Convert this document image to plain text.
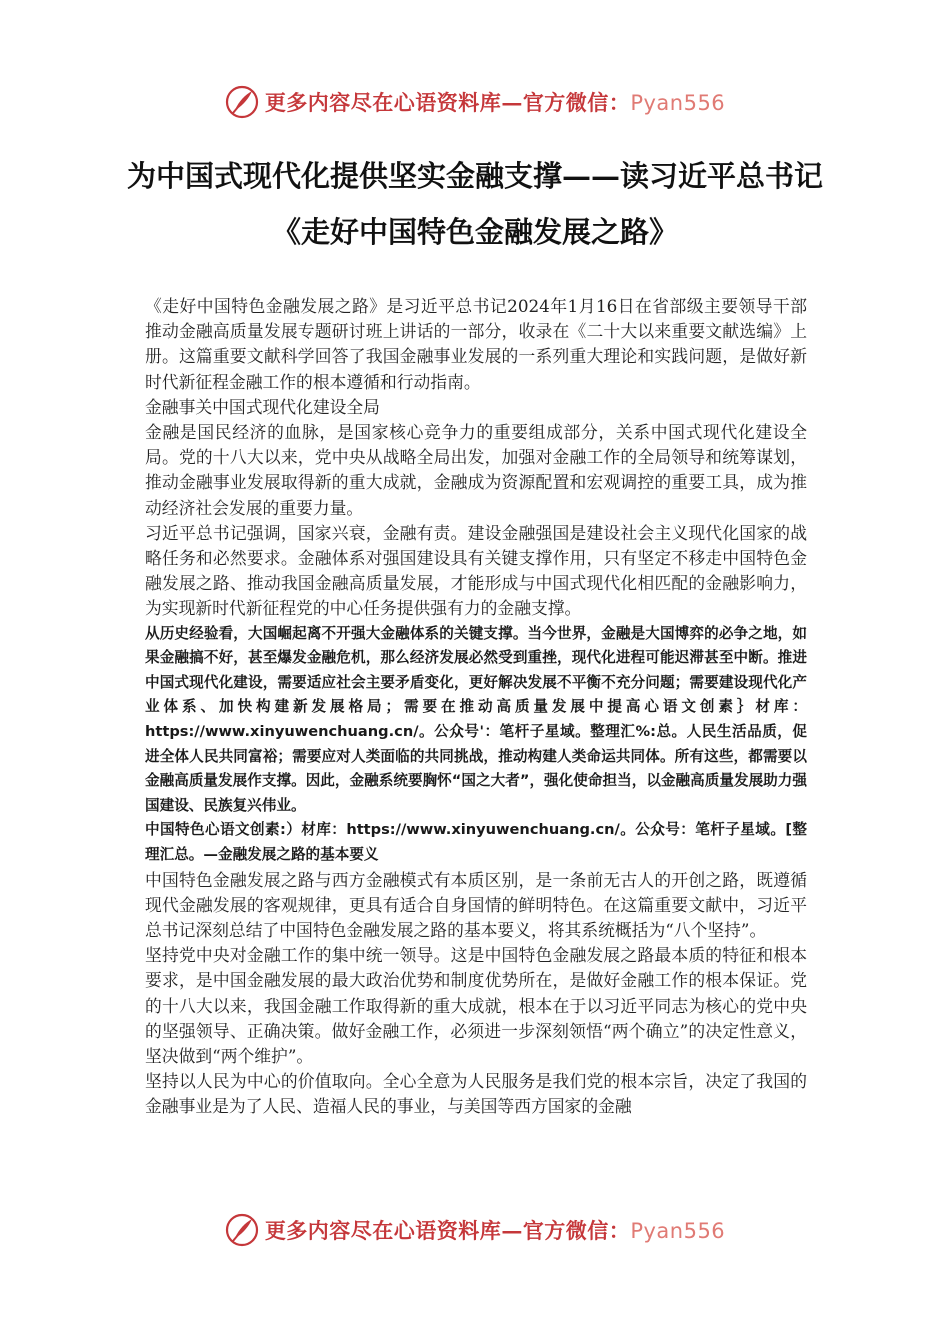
更多内容尽在心语资料库—官方微信：Pyan556
为中国式现代化提供坚实金融支撑——读习近平总书记《走好中国特色金融发展之路》

《走好中国特色金融发展之路》是习近平总书记2024年1月16日在省部级主要领导干部推动金融高质量发展专题研讨班上讲话的一部分，收录在《二十大以来重要文献选编》上册。这篇重要文献科学回答了我国金融事业发展的一系列重大理论和实践问题，是做好新时代新征程金融工作的根本遵循和行动指南。

金融事关中国式现代化建设全局

金融是国民经济的血脉，是国家核心竞争力的重要组成部分，关系中国式现代化建设全局。党的十八大以来，党中央从战略全局出发，加强对金融工作的全局领导和统筹谋划，推动金融事业发展取得新的重大成就，金融成为资源配置和宏观调控的重要工具，成为推动经济社会发展的重要力量。

习近平总书记强调，国家兴衰，金融有责。建设金融强国是建设社会主义现代化国家的战略任务和必然要求。金融体系对强国建设具有关键支撑作用，只有坚定不移走中国特色金融发展之路、推动我国金融高质量发展，才能形成与中国式现代化相匹配的金融影响力，为实现新时代新征程党的中心任务提供强有力的金融支撑。

从历史经验看，大国崛起离不开强大金融体系的关键支撑。当今世界，金融是大国博弈的必争之地，如果金融搞不好，甚至爆发金融危机，那么经济发展必然受到重挫，现代化进程可能迟滞甚至中断。推进中国式现代化建设，需要适应社会主要矛盾变化，更好解决发展不平衡不充分问题；需要建设现代化产业体系、加快构建新发展格局；需要在推动高质量发展中提高心语文创素｝材库：https://www.xinyuwenchuang.cn/。公众号'：笔杆子星域。整理汇%:总。人民生活品质，促进全体人民共同富裕；需要应对人类面临的共同挑战，推动构建人类命运共同体。所有这些，都需要以金融高质量发展作支撑。因此，金融系统要胸怀“国之大者”，强化使命担当，以金融高质量发展助力强国建设、民族复兴伟业。

中国特色心语文创素:）材库：https://www.xinyuwenchuang.cn/。公众号：笔杆子星域。[整理汇总。—金融发展之路的基本要义

中国特色金融发展之路与西方金融模式有本质区别，是一条前无古人的开创之路，既遵循现代金融发展的客观规律，更具有适合自身国情的鲜明特色。在这篇重要文献中，习近平总书记深刻总结了中国特色金融发展之路的基本要义，将其系统概括为“八个坚持”。

坚持党中央对金融工作的集中统一领导。这是中国特色金融发展之路最本质的特征和根本要求，是中国金融发展的最大政治优势和制度优势所在，是做好金融工作的根本保证。党的十八大以来，我国金融工作取得新的重大成就，根本在于以习近平同志为核心的党中央的坚强领导、正确决策。做好金融工作，必须进一步深刻领悟“两个确立”的决定性意义，坚决做到“两个维护”。

坚持以人民为中心的价值取向。全心全意为人民服务是我们党的根本宗旨，决定了我国的金融事业是为了人民、造福人民的事业，与美国等西方国家的金融

更多内容尽在心语资料库—官方微信：Pyan556
